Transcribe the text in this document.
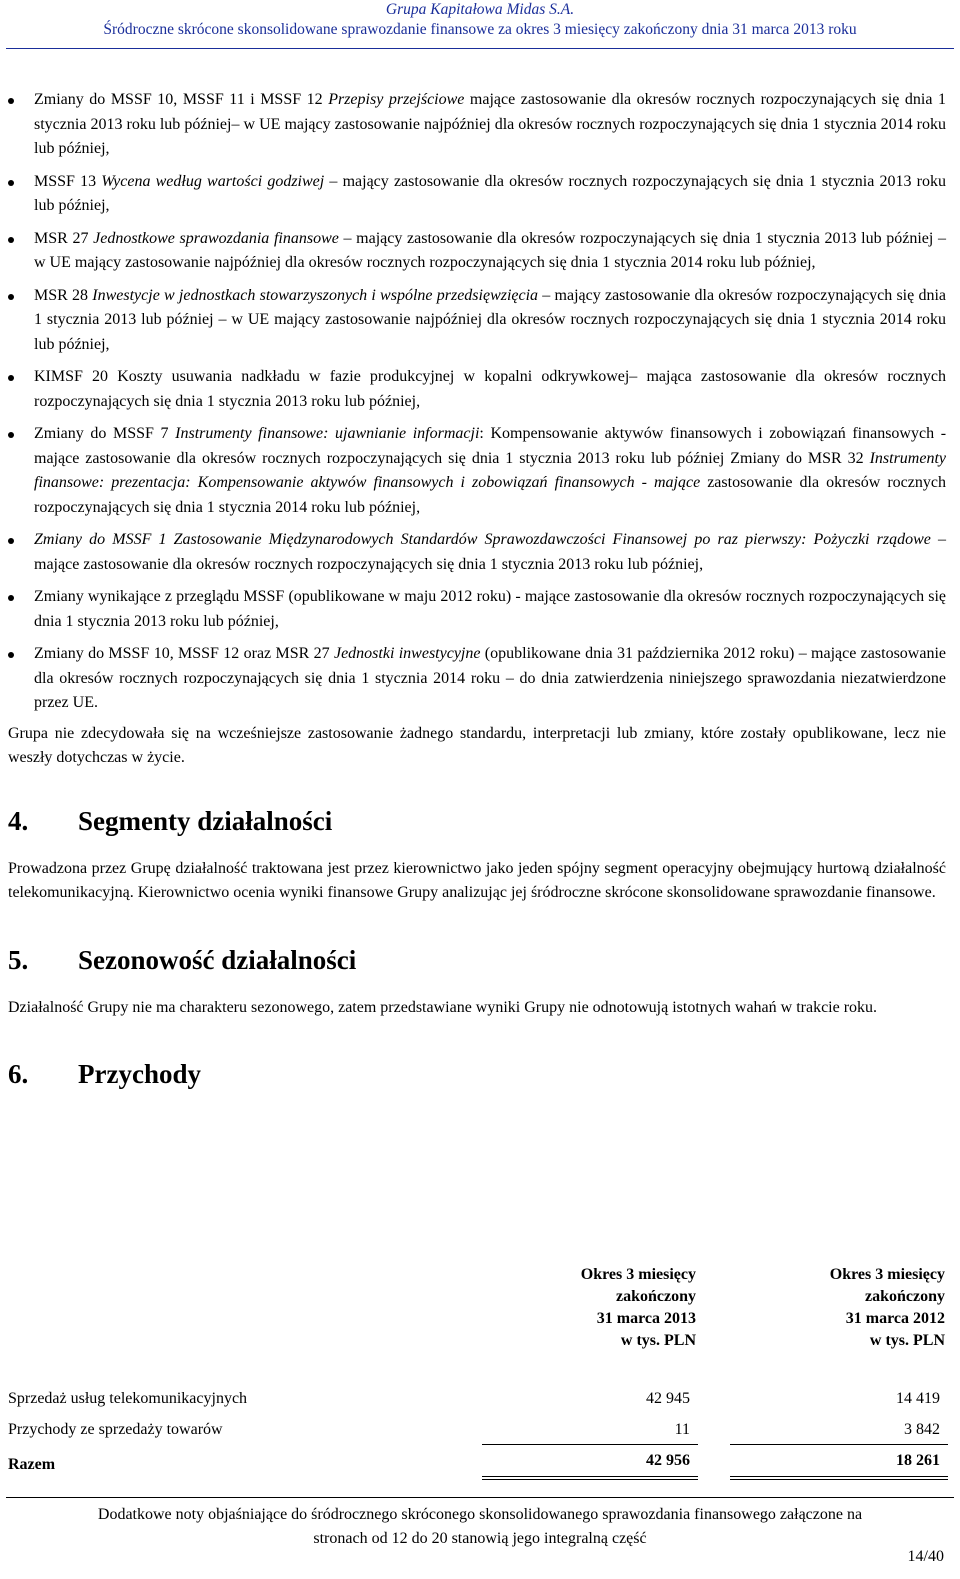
Grupa Kapitałowa Midas S.A.
Śródroczne skrócone skonsolidowane sprawozdanie finansowe za okres 3 miesięcy zakończony dnia 31 marca 2013 roku
Zmiany do MSSF 10, MSSF 11 i MSSF 12 Przepisy przejściowe mające zastosowanie dla okresów rocznych rozpoczynających się dnia 1 stycznia 2013 roku lub później– w UE mający zastosowanie najpóźniej dla okresów rocznych rozpoczynających się dnia 1 stycznia 2014 roku lub później,
MSSF 13 Wycena według wartości godziwej – mający zastosowanie dla okresów rocznych rozpoczynających się dnia 1 stycznia 2013 roku lub później,
MSR 27 Jednostkowe sprawozdania finansowe – mający zastosowanie dla okresów rozpoczynających się dnia 1 stycznia 2013 lub później – w UE mający zastosowanie najpóźniej dla okresów rocznych rozpoczynających się dnia 1 stycznia 2014 roku lub później,
MSR 28 Inwestycje w jednostkach stowarzyszonych i wspólne przedsięwzięcia – mający zastosowanie dla okresów rozpoczynających się dnia 1 stycznia 2013 lub później – w UE mający zastosowanie najpóźniej dla okresów rocznych rozpoczynających się dnia 1 stycznia 2014 roku lub później,
KIMSF 20 Koszty usuwania nadkładu w fazie produkcyjnej w kopalni odkrywkowej– mająca zastosowanie dla okresów rocznych rozpoczynających się dnia 1 stycznia 2013 roku lub później,
Zmiany do MSSF 7 Instrumenty finansowe: ujawnianie informacji: Kompensowanie aktywów finansowych i zobowiązań finansowych - mające zastosowanie dla okresów rocznych rozpoczynających się dnia 1 stycznia 2013 roku lub później Zmiany do MSR 32 Instrumenty finansowe: prezentacja: Kompensowanie aktywów finansowych i zobowiązań finansowych - mające zastosowanie dla okresów rocznych rozpoczynających się dnia 1 stycznia 2014 roku lub później,
Zmiany do MSSF 1 Zastosowanie Międzynarodowych Standardów Sprawozdawczości Finansowej po raz pierwszy: Pożyczki rządowe – mające zastosowanie dla okresów rocznych rozpoczynających się dnia 1 stycznia 2013 roku lub później,
Zmiany wynikające z przeglądu MSSF (opublikowane w maju 2012 roku) - mające zastosowanie dla okresów rocznych rozpoczynających się dnia 1 stycznia 2013 roku lub później,
Zmiany do MSSF 10, MSSF 12 oraz MSR 27 Jednostki inwestycyjne (opublikowane dnia 31 października 2012 roku) – mające zastosowanie dla okresów rocznych rozpoczynających się dnia 1 stycznia 2014 roku – do dnia zatwierdzenia niniejszego sprawozdania niezatwierdzone przez UE.

Grupa nie zdecydowała się na wcześniejsze zastosowanie żadnego standardu, interpretacji lub zmiany, które zostały opublikowane, lecz nie weszły dotychczas w życie.

4. Segmenty działalności

Prowadzona przez Grupę działalność traktowana jest przez kierownictwo jako jeden spójny segment operacyjny obejmujący hurtową działalność telekomunikacyjną. Kierownictwo ocenia wyniki finansowe Grupy analizując jej śródroczne skrócone skonsolidowane sprawozdanie finansowe.

5. Sezonowość działalności

Działalność Grupy nie ma charakteru sezonowego, zatem przedstawiane wyniki Grupy nie odnotowują istotnych wahań w trakcie roku.

6. Przychody
Okres 3 miesięcy
zakończony
31 marca 2013
w tys. PLN
Okres 3 miesięcy
zakończony
31 marca 2012
w tys. PLN
Sprzedaż usług telekomunikacyjnych	42 945	14 419
Przychody ze sprzedaży towarów	11	3 842
Razem	42 956	18 261
Dodatkowe noty objaśniające do śródrocznego skróconego skonsolidowanego sprawozdania finansowego załączone na
stronach od 12 do 20 stanowią jego integralną część
14/40
